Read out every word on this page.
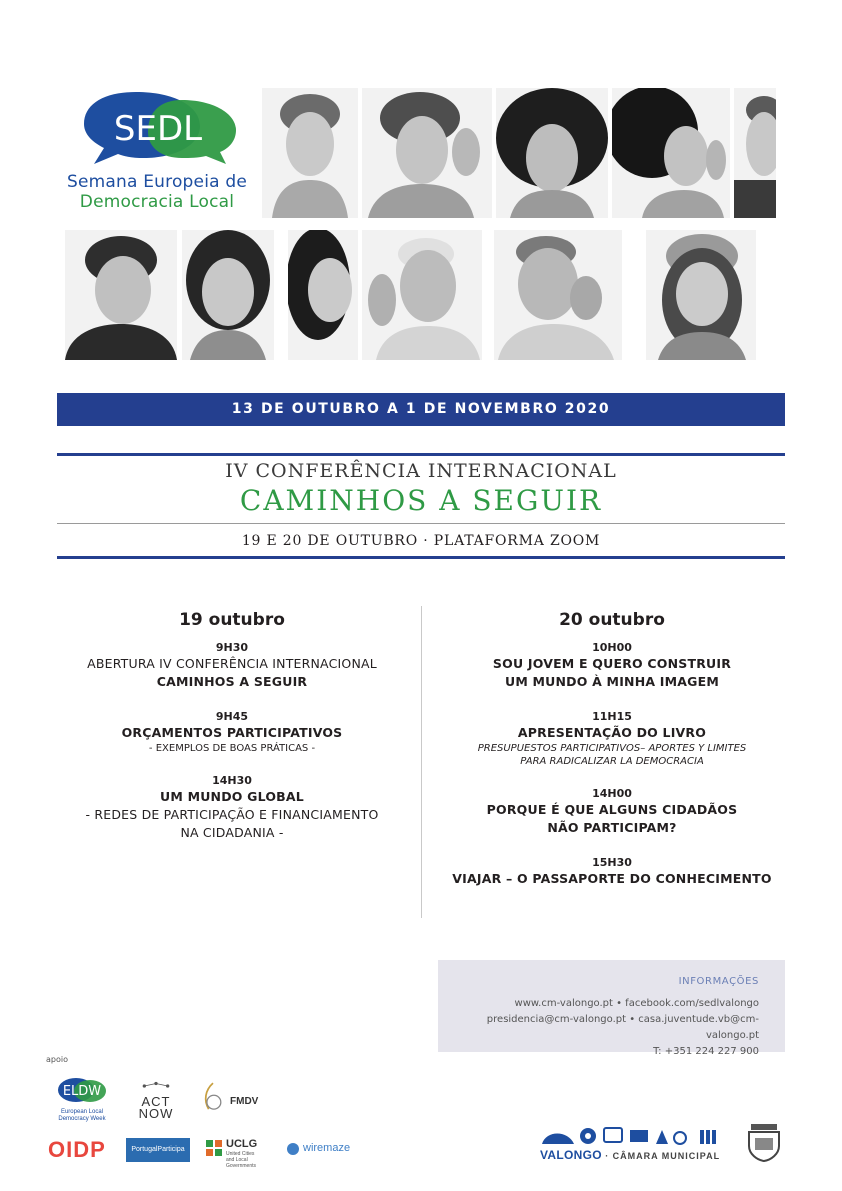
SEDL
Semana Europeia de
Democracia Local
13 DE OUTUBRO A 1 DE NOVEMBRO 2020
IV CONFERÊNCIA INTERNACIONAL
CAMINHOS A SEGUIR
19 E 20 DE OUTUBRO · PLATAFORMA ZOOM
19 outubro
9H30
ABERTURA IV CONFERÊNCIA INTERNACIONAL
CAMINHOS A SEGUIR
9H45
ORÇAMENTOS PARTICIPATIVOS
- EXEMPLOS DE BOAS PRÁTICAS -
14H30
UM MUNDO GLOBAL
- REDES DE PARTICIPAÇÃO E FINANCIAMENTO
NA CIDADANIA -
20 outubro
10H00
SOU JOVEM E QUERO CONSTRUIR
UM MUNDO À MINHA IMAGEM
11H15
APRESENTAÇÃO DO LIVRO
PRESUPUESTOS PARTICIPATIVOS– APORTES Y LIMITES
PARA RADICALIZAR LA DEMOCRACIA
14H00
PORQUE É QUE ALGUNS CIDADÃOS
NÃO PARTICIPAM?
15H30
VIAJAR – O PASSAPORTE DO CONHECIMENTO
INFORMAÇÕES
www.cm-valongo.pt • facebook.com/sedlvalongo
presidencia@cm-valongo.pt • casa.juventude.vb@cm-valongo.pt
T: +351 224 227 900
apoio
ELDW
European Local
Democracy Week
ACT
NOW
FMDV
OIDP	PortugalParticipa	UCLG
United Cities
and Local Governments
wiremaze	VALONGO · CÂMARA MUNICIPAL
